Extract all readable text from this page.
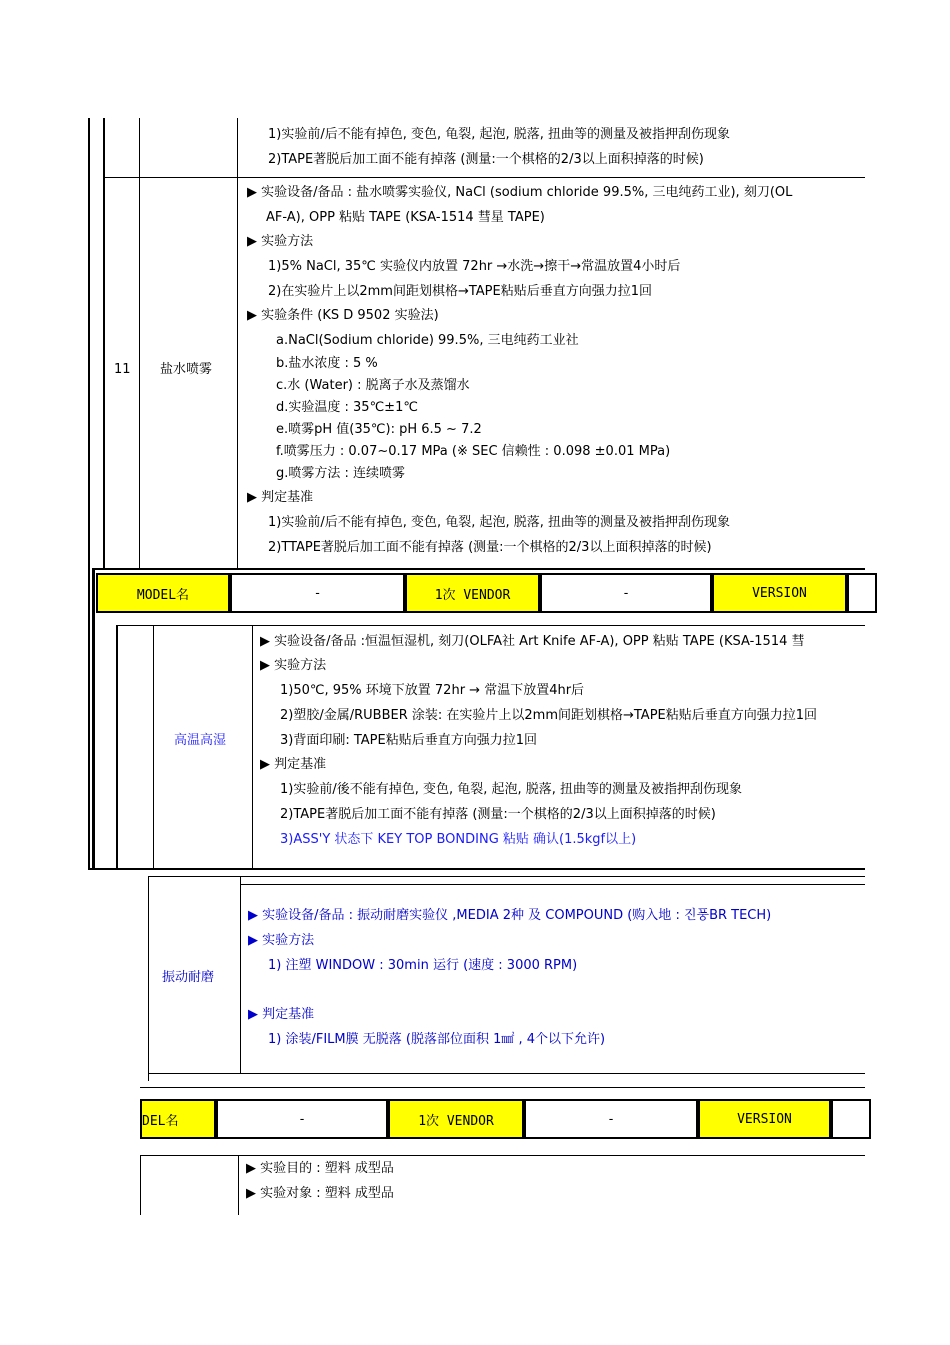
1)实验前/后不能有掉色, 变色, 龟裂, 起泡, 脱落, 扭曲等的测量及被指押刮伤现象
2)TAPE著脱后加工面不能有掉落 (测量:一个棋格的2/3以上面积掉落的时候)
11 盐水喷雾
▶ 实验设备/备品 : 盐水喷雾实验仪, NaCl (sodium chloride 99.5%, 三电纯药工业), 刻刀(OL
AF-A), OPP 粘贴 TAPE (KSA-1514 彗星 TAPE)
▶ 实验方法
1)5% NaCl, 35℃ 实验仪内放置 72hr →水洗→擦干→常温放置4小时后
2)在实验片上以2mm间距划棋格→TAPE粘贴后垂直方向强力拉1回
▶ 实验条件 (KS D 9502 实验法)
a.NaCl(Sodium chloride) 99.5%, 三电纯药工业社
b.盐水浓度 : 5 %
c.水 (Water) : 脱离子水及蒸馏水
d.实验温度 : 35℃±1℃
e.喷雾pH 值(35℃): pH 6.5 ~ 7.2
f.喷雾压力 : 0.07~0.17 MPa (※ SEC 信赖性 : 0.098 ±0.01 MPa)
g.喷雾方法 : 连续喷雾
▶ 判定基准
1)实验前/后不能有掉色, 变色, 龟裂, 起泡, 脱落, 扭曲等的测量及被指押刮伤现象
2)TTAPE著脱后加工面不能有掉落 (测量:一个棋格的2/3以上面积掉落的时候)
MODEL名	-	1次 VENDOR	-	VERSION
高温高湿
▶ 实验设备/备品 :恒温恒湿机, 刻刀(OLFA社 Art Knife AF-A), OPP 粘贴 TAPE (KSA-1514 彗
▶ 实验方法
1)50℃, 95% 环境下放置 72hr → 常温下放置4hr后
2)塑胶/金属/RUBBER 涂装: 在实验片上以2mm间距划棋格→TAPE粘贴后垂直方向强力拉1回
3)背面印刷: TAPE粘贴后垂直方向强力拉1回
▶ 判定基准
1)实验前/後不能有掉色, 变色, 龟裂, 起泡, 脱落, 扭曲等的测量及被指押刮伤现象
2)TAPE著脱后加工面不能有掉落 (测量:一个棋格的2/3以上面积掉落的时候)
3)ASS'Y 状态下 KEY TOP BONDING 粘贴 确认(1.5kgf以上)
振动耐磨
▶ 实验设备/备品 : 振动耐磨实验仪 ,MEDIA 2种 及 COMPOUND (购入地 : 진풍BR TECH)
▶ 实验方法
1) 注塑 WINDOW : 30min 运行 (速度 : 3000 RPM)
▶ 判定基准
1) 涂装/FILM膜 无脱落 (脱落部位面积 1㎟ , 4个以下允许)
DEL名	-	1次 VENDOR	-	VERSION
▶ 实验目的 : 塑料 成型品
▶ 实验对象 : 塑料 成型品
